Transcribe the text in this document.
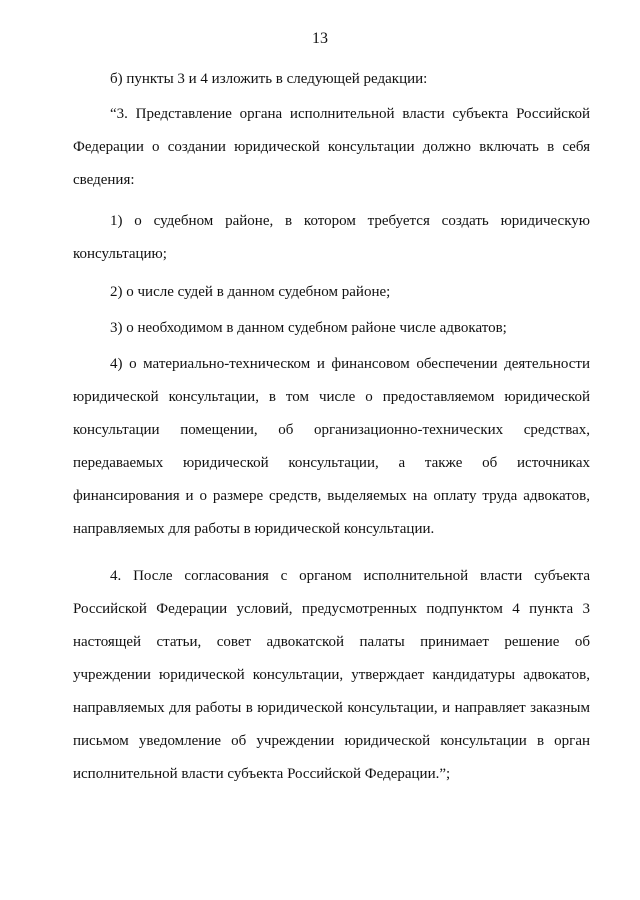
13

б) пункты 3 и 4 изложить в следующей редакции:

“3. Представление органа исполнительной власти субъекта Российской Федерации о создании юридической консультации должно включать в себя сведения:

1) о судебном районе, в котором требуется создать юридическую консультацию;

2) о числе судей в данном судебном районе;

3) о необходимом в данном судебном районе числе адвокатов;

4) о материально-техническом и финансовом обеспечении деятельности юридической консультации, в том числе о предоставляемом юридической консультации помещении, об организационно-технических средствах, передаваемых юридической консультации, а также об источниках финансирования и о размере средств, выделяемых на оплату труда адвокатов, направляемых для работы в юридической консультации.

4. После согласования с органом исполнительной власти субъекта Российской Федерации условий, предусмотренных подпунктом 4 пункта 3 настоящей статьи, совет адвокатской палаты принимает решение об учреждении юридической консультации, утверждает кандидатуры адвокатов, направляемых для работы в юридической консультации, и направляет заказным письмом уведомление об учреждении юридической консультации в орган исполнительной власти субъекта Российской Федерации.”;
